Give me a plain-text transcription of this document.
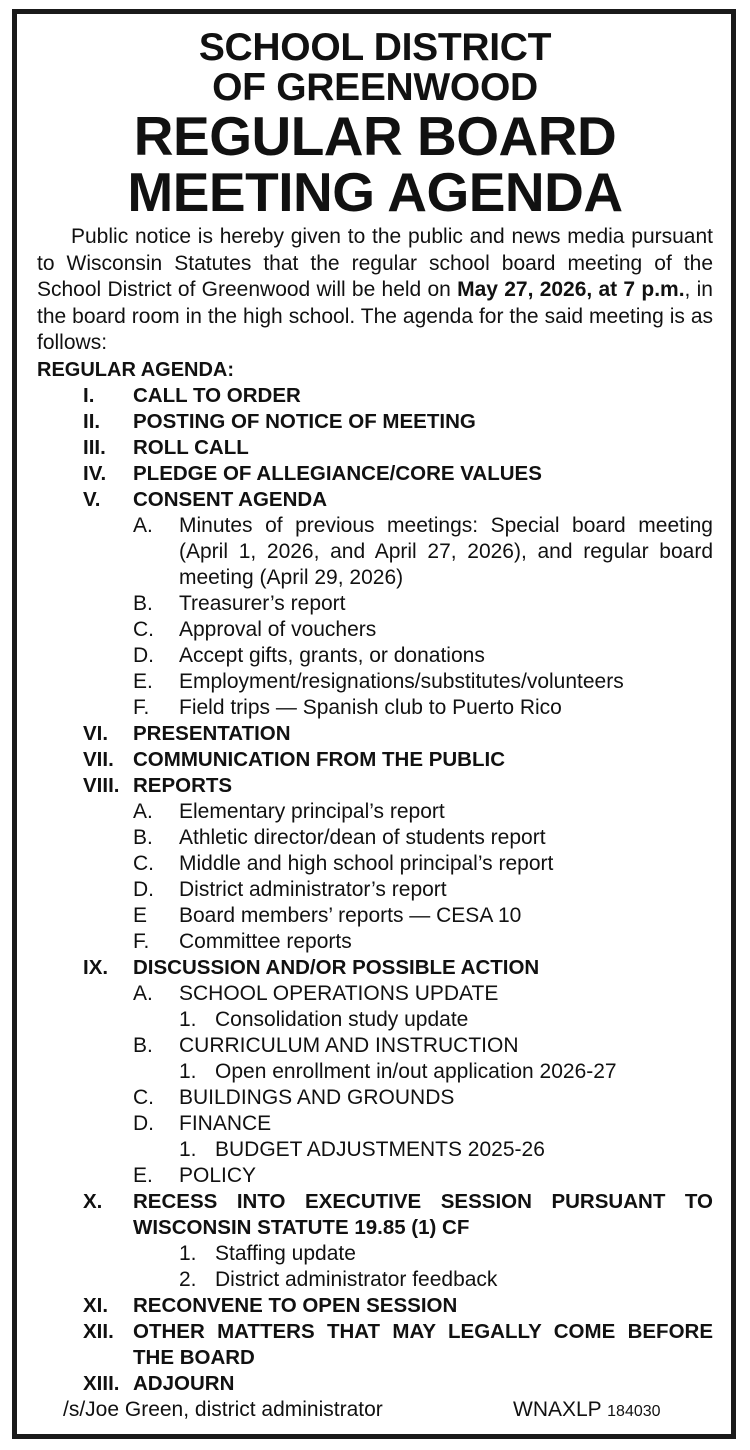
SCHOOL DISTRICT
OF GREENWOOD
REGULAR BOARD
MEETING AGENDA
Public notice is hereby given to the public and news media pursuant to Wisconsin Statutes that the regular school board meeting of the School District of Greenwood will be held on May 27, 2026, at 7 p.m., in the board room in the high school. The agenda for the said meeting is as follows:
REGULAR AGENDA:
I. CALL TO ORDER
II. POSTING OF NOTICE OF MEETING
III. ROLL CALL
IV. PLEDGE OF ALLEGIANCE/CORE VALUES
V. CONSENT AGENDA
A. Minutes of previous meetings: Special board meeting (April 1, 2026, and April 27, 2026), and regular board meeting (April 29, 2026)
B. Treasurer’s report
C. Approval of vouchers
D. Accept gifts, grants, or donations
E. Employment/resignations/substitutes/volunteers
F. Field trips — Spanish club to Puerto Rico
VI. PRESENTATION
VII. COMMUNICATION FROM THE PUBLIC
VIII. REPORTS
A. Elementary principal’s report
B. Athletic director/dean of students report
C. Middle and high school principal’s report
D. District administrator’s report
E Board members’ reports — CESA 10
F. Committee reports
IX. DISCUSSION AND/OR POSSIBLE ACTION
A. SCHOOL OPERATIONS UPDATE
1. Consolidation study update
B. CURRICULUM AND INSTRUCTION
1. Open enrollment in/out application 2026-27
C. BUILDINGS AND GROUNDS
D. FINANCE
1. BUDGET ADJUSTMENTS 2025-26
E. POLICY
X. RECESS INTO EXECUTIVE SESSION PURSUANT TO WISCONSIN STATUTE 19.85 (1) CF
1. Staffing update
2. District administrator feedback
XI. RECONVENE TO OPEN SESSION
XII. OTHER MATTERS THAT MAY LEGALLY COME BEFORE THE BOARD
XIII. ADJOURN
/s/Joe Green, district administrator	WNAXLP 184030
